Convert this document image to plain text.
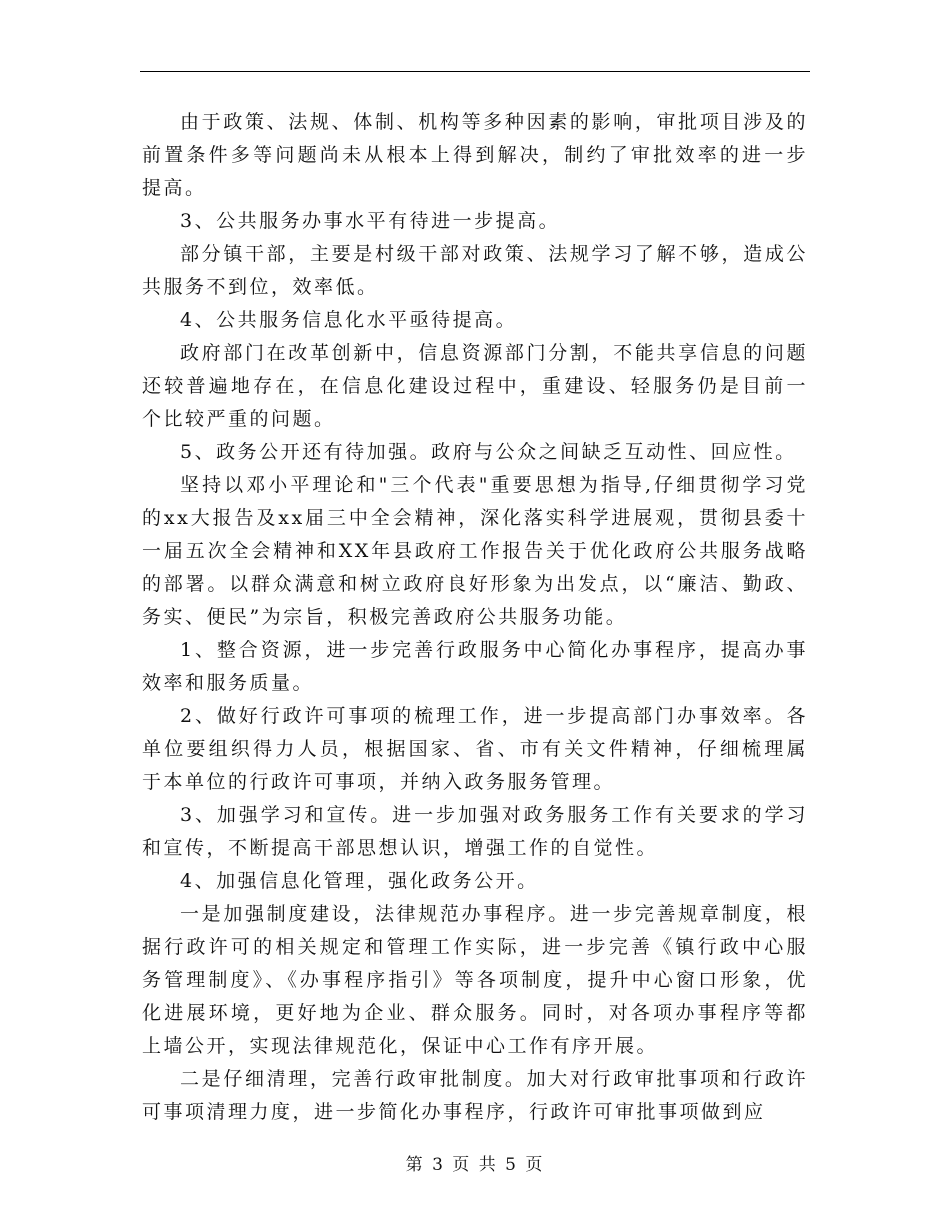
由于政策、法规、体制、机构等多种因素的影响，审批项目涉及的前置条件多等问题尚未从根本上得到解决，制约了审批效率的进一步提高。

3、公共服务办事水平有待进一步提高。

部分镇干部，主要是村级干部对政策、法规学习了解不够，造成公共服务不到位，效率低。

4、公共服务信息化水平亟待提高。

政府部门在改革创新中，信息资源部门分割，不能共享信息的问题还较普遍地存在，在信息化建设过程中，重建设、轻服务仍是目前一个比较严重的问题。

5、政务公开还有待加强。政府与公众之间缺乏互动性、回应性。

坚持以邓小平理论和"三个代表"重要思想为指导,仔细贯彻学习党的xx大报告及xx届三中全会精神，深化落实科学进展观，贯彻县委十一届五次全会精神和XX年县政府工作报告关于优化政府公共服务战略的部署。以群众满意和树立政府良好形象为出发点，以“廉洁、勤政、务实、便民”为宗旨，积极完善政府公共服务功能。

1、整合资源，进一步完善行政服务中心简化办事程序，提高办事效率和服务质量。

2、做好行政许可事项的梳理工作，进一步提高部门办事效率。各单位要组织得力人员，根据国家、省、市有关文件精神，仔细梳理属于本单位的行政许可事项，并纳入政务服务管理。

3、加强学习和宣传。进一步加强对政务服务工作有关要求的学习和宣传，不断提高干部思想认识，增强工作的自觉性。

4、加强信息化管理，强化政务公开。

一是加强制度建设，法律规范办事程序。进一步完善规章制度，根据行政许可的相关规定和管理工作实际，进一步完善《镇行政中心服务管理制度》、《办事程序指引》等各项制度，提升中心窗口形象，优化进展环境，更好地为企业、群众服务。同时，对各项办事程序等都上墙公开，实现法律规范化，保证中心工作有序开展。

二是仔细清理，完善行政审批制度。加大对行政审批事项和行政许可事项清理力度，进一步简化办事程序，行政许可审批事项做到应

第 3 页 共 5 页
